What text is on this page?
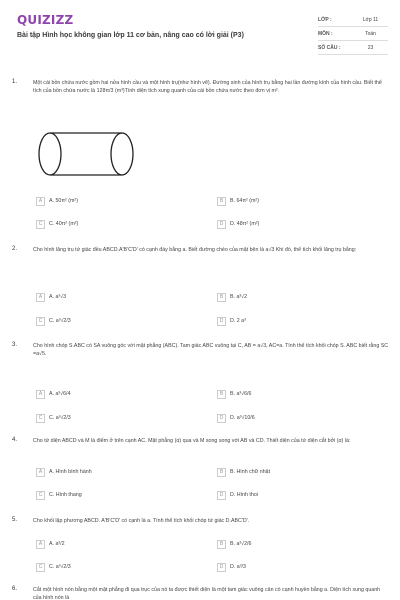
QUIZIZZ
Bài tập Hình học không gian lớp 11 cơ bản, nâng cao có lời giải (P3)
LỚP :	Lớp 11
MÔN :	Toán
SỐ CÂU :	23
1.	Một cái bồn chứa nước gồm hai nửa hình cầu và một hình trụ(như hình vẽ). Đường sinh của hình trụ bằng hai lần đường kính của hình cầu. Biết thể tích của bồn chứa nước là 128π/3 (m³)Tính diện tích xung quanh của cái bồn chứa nước theo đơn vị m².
A	A. 50π² (m²)	B	B. 64π² (m²)
C	C. 40π² (m²)	D	D. 48π² (m²)
2.	Cho hình lăng trụ tứ giác đều ABCD.A'B'C'D' có cạnh đáy bằng a. Biết đường chéo của mặt bên là a√3 Khi đó, thể tích khối lăng trụ bằng:
A	A. a³√3	B	B. a³√2
C	C. a³√2/3	D	D. 2 a³
3.	Cho hình chóp S.ABC có SA vuông góc với mặt phẳng (ABC). Tam giác ABC vuông tại C, AB = a√3, AC=a. Tính thể tích khối chóp S. ABC biết rằng SC =a√5.
A	A. a³√6/4	B	B. a³√6/6
C	C. a³√2/3	D	D. a³√10/6
4.	Cho tứ diện ABCD và M là điểm ở trên cạnh AC. Mặt phẳng (α) qua và M song song với AB và CD. Thiết diện của tứ diện cắt bởi (α) là:
A	A. Hình bình hành	B	B. Hình chữ nhật
C	C. Hình thang	D	D. Hình thoi
5.	Cho khối lập phương ABCD. A'B'C'D' có cạnh là a. Tính thể tích khối chóp tứ giác D.ABC'D'.
A	A. a³/2	B	B. a³√2/6
C	C. a³√2/3	D	D. a³/3
6.	Cắt một hình nón bằng một mặt phẳng đi qua trục của nó ta được thiết diện là một tam giác vuông cân có cạnh huyền bằng a. Diện tích xung quanh của hình nón là
